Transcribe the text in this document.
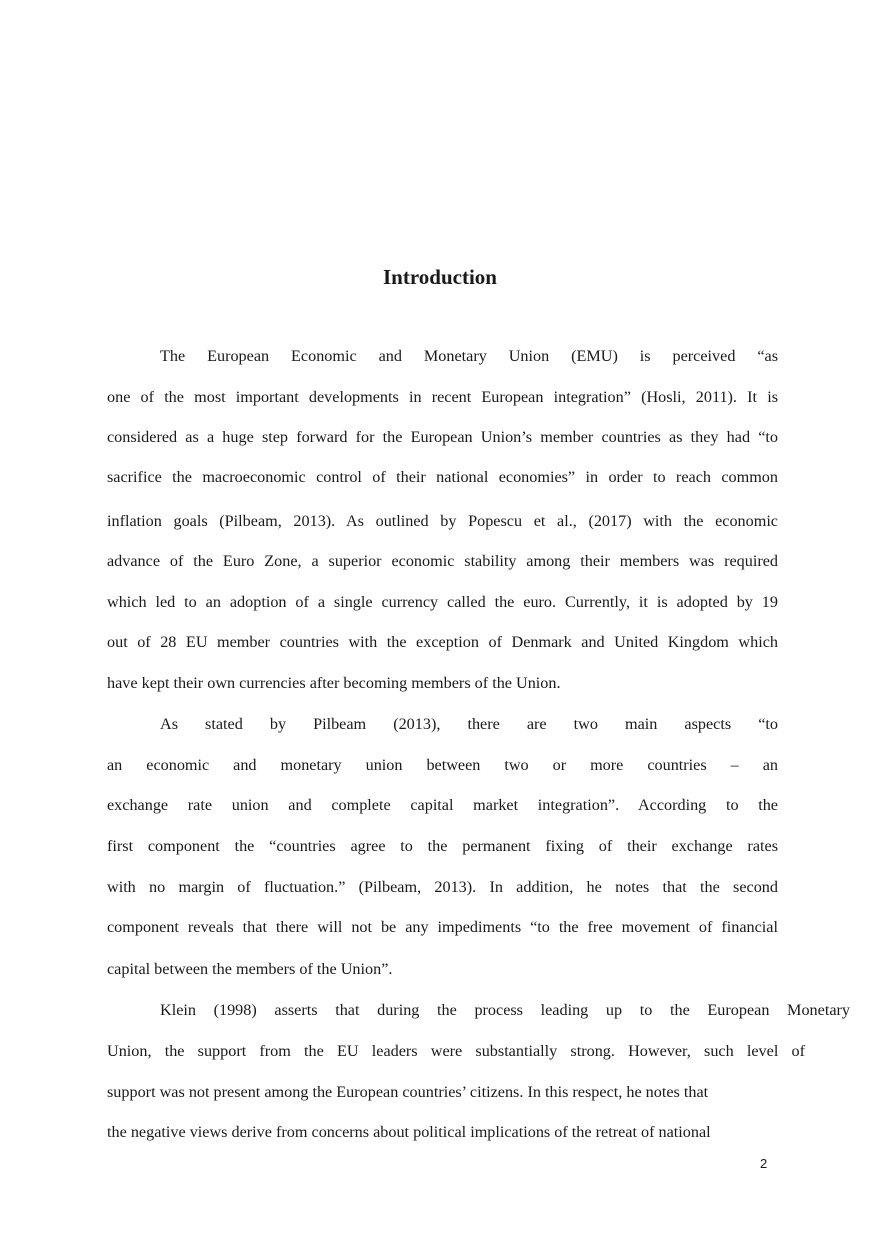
Introduction
The European Economic and Monetary Union (EMU) is perceived “as
one of the most important developments in recent European integration” (Hosli, 2011). It is
considered as a huge step forward for the European Union’s member countries as they had “to
sacrifice the macroeconomic control of their national economies” in order to reach common
inflation goals (Pilbeam, 2013). As outlined by Popescu et al., (2017) with the economic
advance of the Euro Zone, a superior economic stability among their members was required
which led to an adoption of a single currency called the euro. Currently, it is adopted by 19
out of 28 EU member countries with the exception of Denmark and United Kingdom which
have kept their own currencies after becoming members of the Union.
As stated by Pilbeam (2013), there are two main aspects “to
an economic and monetary union between two or more countries – an
exchange rate union and complete capital market integration”. According to the
first component the “countries agree to the permanent fixing of their exchange rates
with no margin of fluctuation.” (Pilbeam, 2013). In addition, he notes that the second
component reveals that there will not be any impediments “to the free movement of financial
capital between the members of the Union”.
Klein (1998) asserts that during the process leading up to the European Monetary
Union, the support from the EU leaders were substantially strong. However, such level of
support was not present among the European countries’ citizens. In this respect, he notes that
the negative views derive from concerns about political implications of the retreat of national
2
